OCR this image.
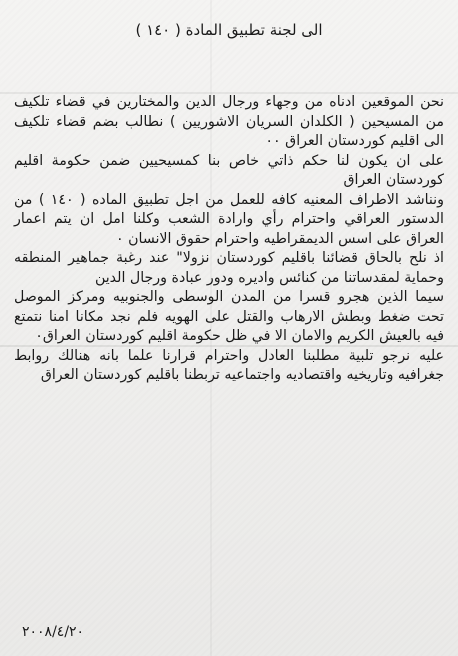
الى لجنة تطبيق المادة ( ١٤٠ )

نحن الموقعين ادناه من وجهاء ورجال الدين والمختارين في قضاء تلكيف من المسيحين ( الكلدان السريان الاشوريين ) نطالب بضم قضاء تلكيف الى اقليم كوردستان العراق ٠٠

على ان يكون لنا حكم ذاتي خاص بنا كمسيحيين ضمن حكومة اقليم كوردستان العراق

ونناشد الاطراف المعنيه كافه للعمل من اجل تطبيق الماده ( ١٤٠ ) من الدستور العراقي واحترام رأي وارادة الشعب وكلنا امل ان يتم اعمار العراق على اسس الديمقراطيه واحترام حقوق الانسان ٠

اذ نلح بالحاق قضائنا باقليم كوردستان نزولا" عند رغبة جماهير المنطقه وحماية لمقدساتنا من كنائس واديره ودور عبادة ورجال الدين

سيما الذين هجرو قسرا من المدن الوسطى والجنوبيه ومركز الموصل تحت ضغط وبطش الارهاب والقتل على الهويه فلم نجد مكانا امنا نتمتع فيه بالعيش الكريم والامان الا في ظل حكومة اقليم كوردستان العراق٠

عليه نرجو تلبية مطلبنا العادل واحترام قرارنا علما بانه هنالك روابط جغرافيه وتاريخيه واقتصاديه واجتماعيه تربطنا باقليم كوردستان العراق

٢٠٠٨/٤/٢٠
